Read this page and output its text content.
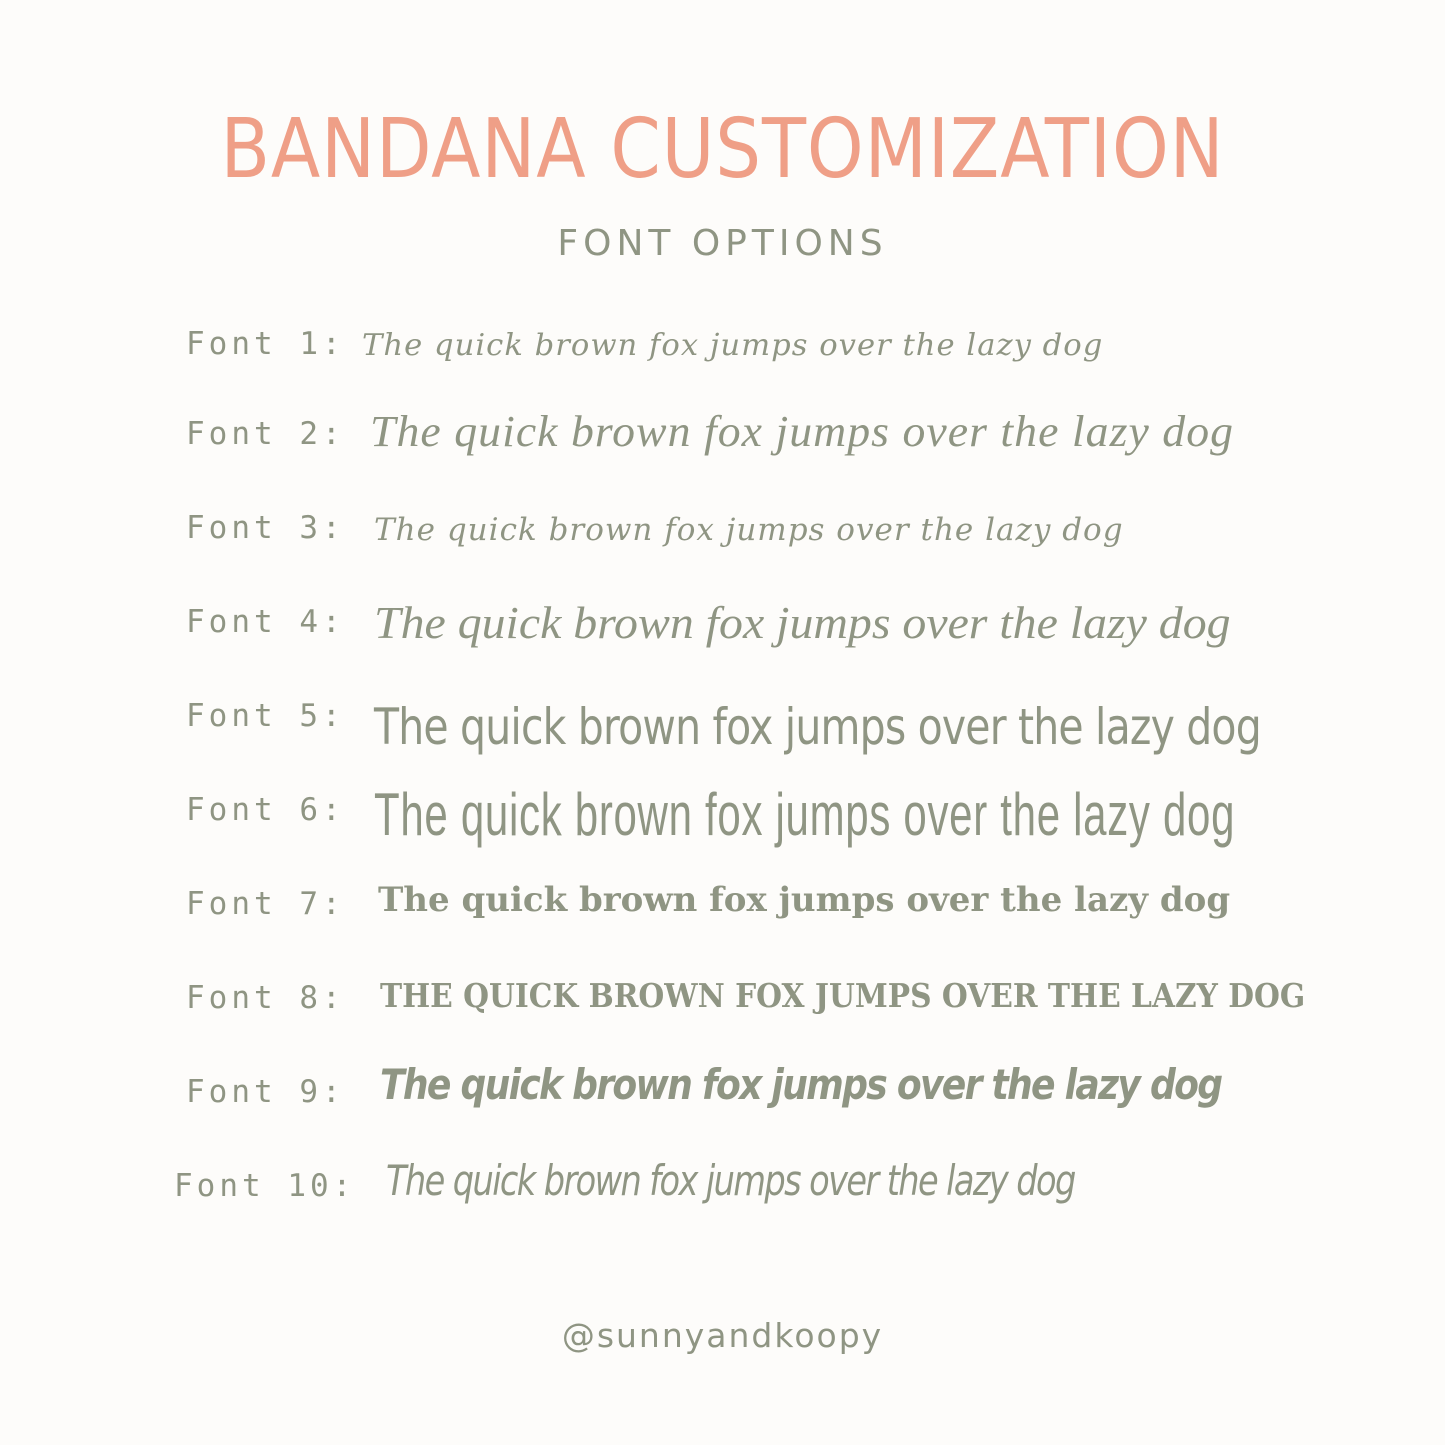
BANDANA CUSTOMIZATION
FONT OPTIONS
Font 1: The quick brown fox jumps over the lazy dog
Font 2: The quick brown fox jumps over the lazy dog
Font 3: The quick brown fox jumps over the lazy dog
Font 4: The quick brown fox jumps over the lazy dog
Font 5: The quick brown fox jumps over the lazy dog
Font 6: The quick brown fox jumps over the lazy dog
Font 7: The quick brown fox jumps over the lazy dog
Font 8: THE QUICK BROWN FOX JUMPS OVER THE LAZY DOG
Font 9: The quick brown fox jumps over the lazy dog
Font 10: The quick brown fox jumps over the lazy dog
@sunnyandkoopy
